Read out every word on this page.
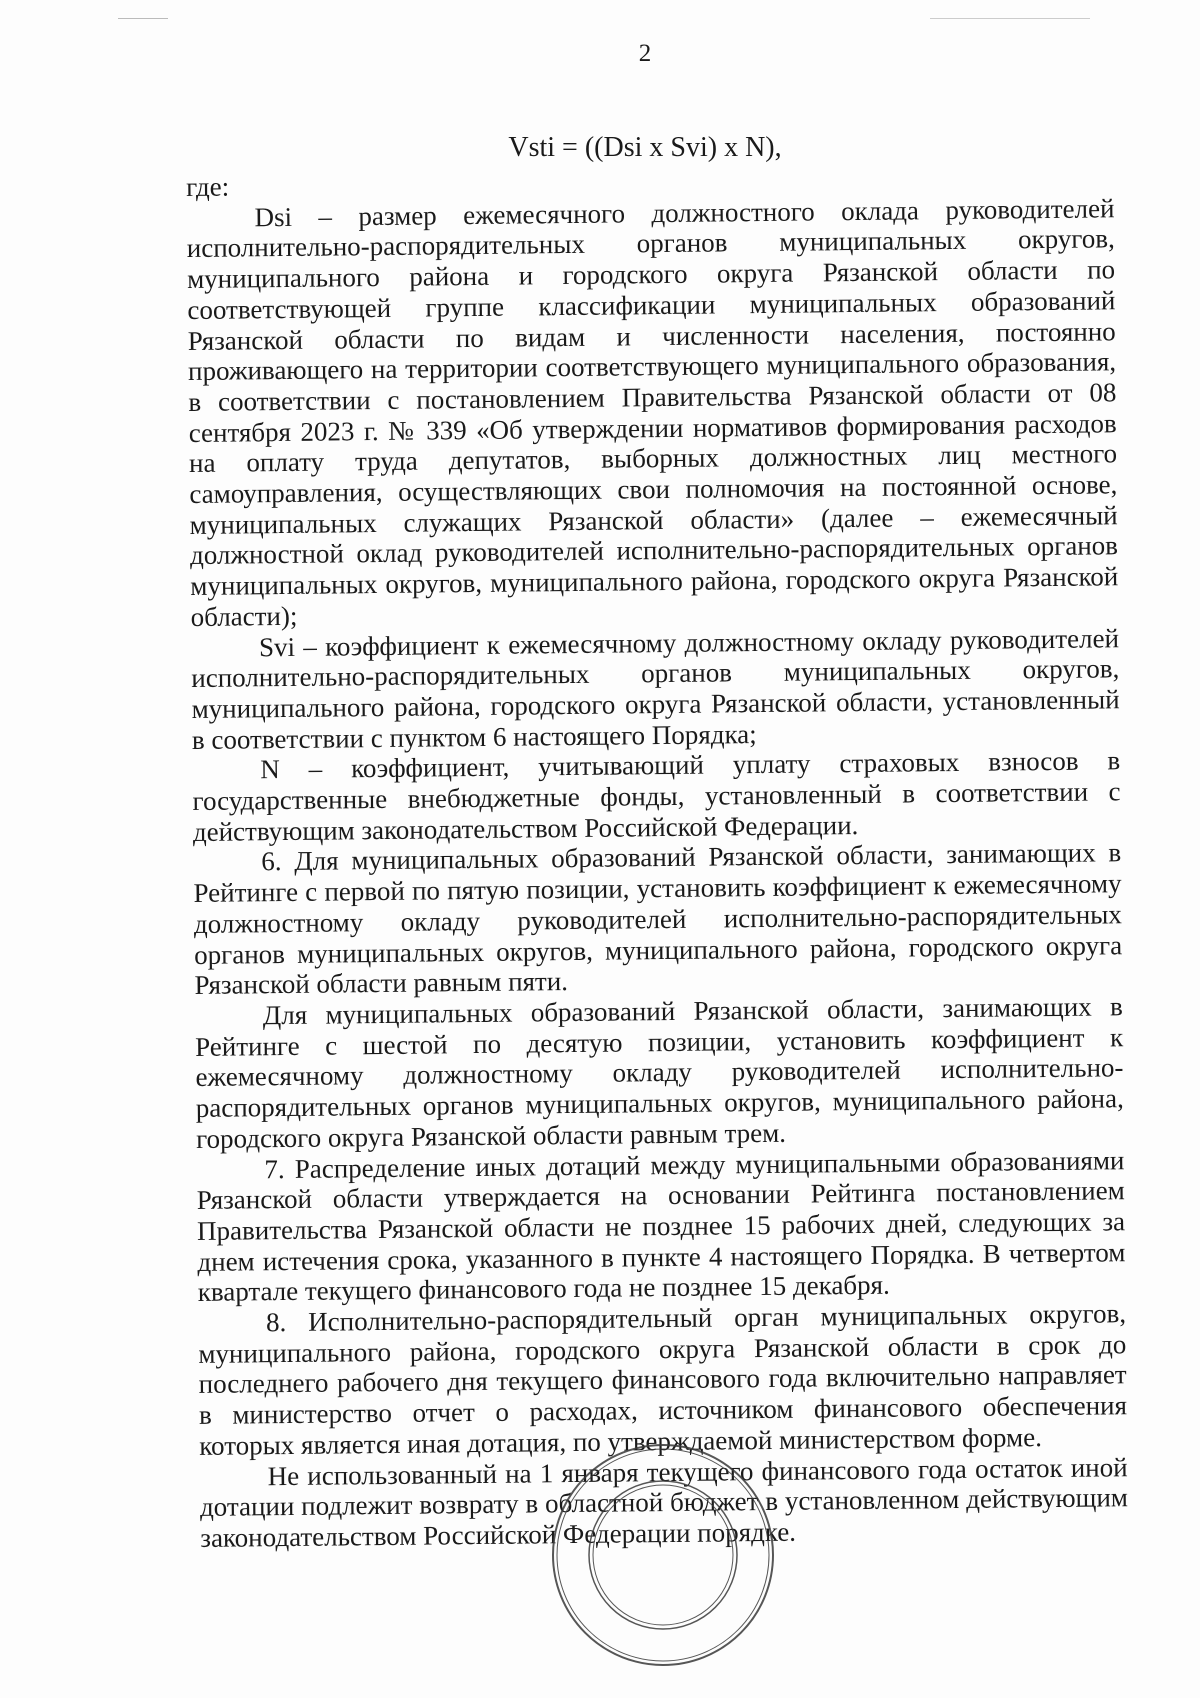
2
Vsti = ((Dsi x Svi) x N),

где:

Dsi – размер ежемесячного должностного оклада руководителей исполнительно-распорядительных органов муниципальных округов, муниципального района и городского округа Рязанской области по соответствующей группе классификации муниципальных образований Рязанской области по видам и численности населения, постоянно проживающего на территории соответствующего муниципального образования, в соответствии с постановлением Правительства Рязанской области от 08 сентября 2023 г. № 339 «Об утверждении нормативов формирования расходов на оплату труда депутатов, выборных должностных лиц местного самоуправления, осуществляющих свои полномочия на постоянной основе, муниципальных служащих Рязанской области» (далее – ежемесячный должностной оклад руководителей исполнительно-распорядительных органов муниципальных округов, муниципального района, городского округа Рязанской области);

Svi – коэффициент к ежемесячному должностному окладу руководителей исполнительно-распорядительных органов муниципальных округов, муниципального района, городского округа Рязанской области, установленный в соответствии с пунктом 6 настоящего Порядка;

N – коэффициент, учитывающий уплату страховых взносов в государственные внебюджетные фонды, установленный в соответствии с действующим законодательством Российской Федерации.

6. Для муниципальных образований Рязанской области, занимающих в Рейтинге с первой по пятую позиции, установить коэффициент к ежемесячному должностному окладу руководителей исполнительно-распорядительных органов муниципальных округов, муниципального района, городского округа Рязанской области равным пяти.

Для муниципальных образований Рязанской области, занимающих в Рейтинге с шестой по десятую позиции, установить коэффициент к ежемесячному должностному окладу руководителей исполнительно-распорядительных органов муниципальных округов, муниципального района, городского округа Рязанской области равным трем.

7. Распределение иных дотаций между муниципальными образованиями Рязанской области утверждается на основании Рейтинга постановлением Правительства Рязанской области не позднее 15 рабочих дней, следующих за днем истечения срока, указанного в пункте 4 настоящего Порядка. В четвертом квартале текущего финансового года не позднее 15 декабря.

8. Исполнительно-распорядительный орган муниципальных округов, муниципального района, городского округа Рязанской области в срок до последнего рабочего дня текущего финансового года включительно направляет в министерство отчет о расходах, источником финансового обеспечения которых является иная дотация, по утверждаемой министерством форме.

Не использованный на 1 января текущего финансового года остаток иной дотации подлежит возврату в областной бюджет в установленном действующим законодательством Российской Федерации порядке.
